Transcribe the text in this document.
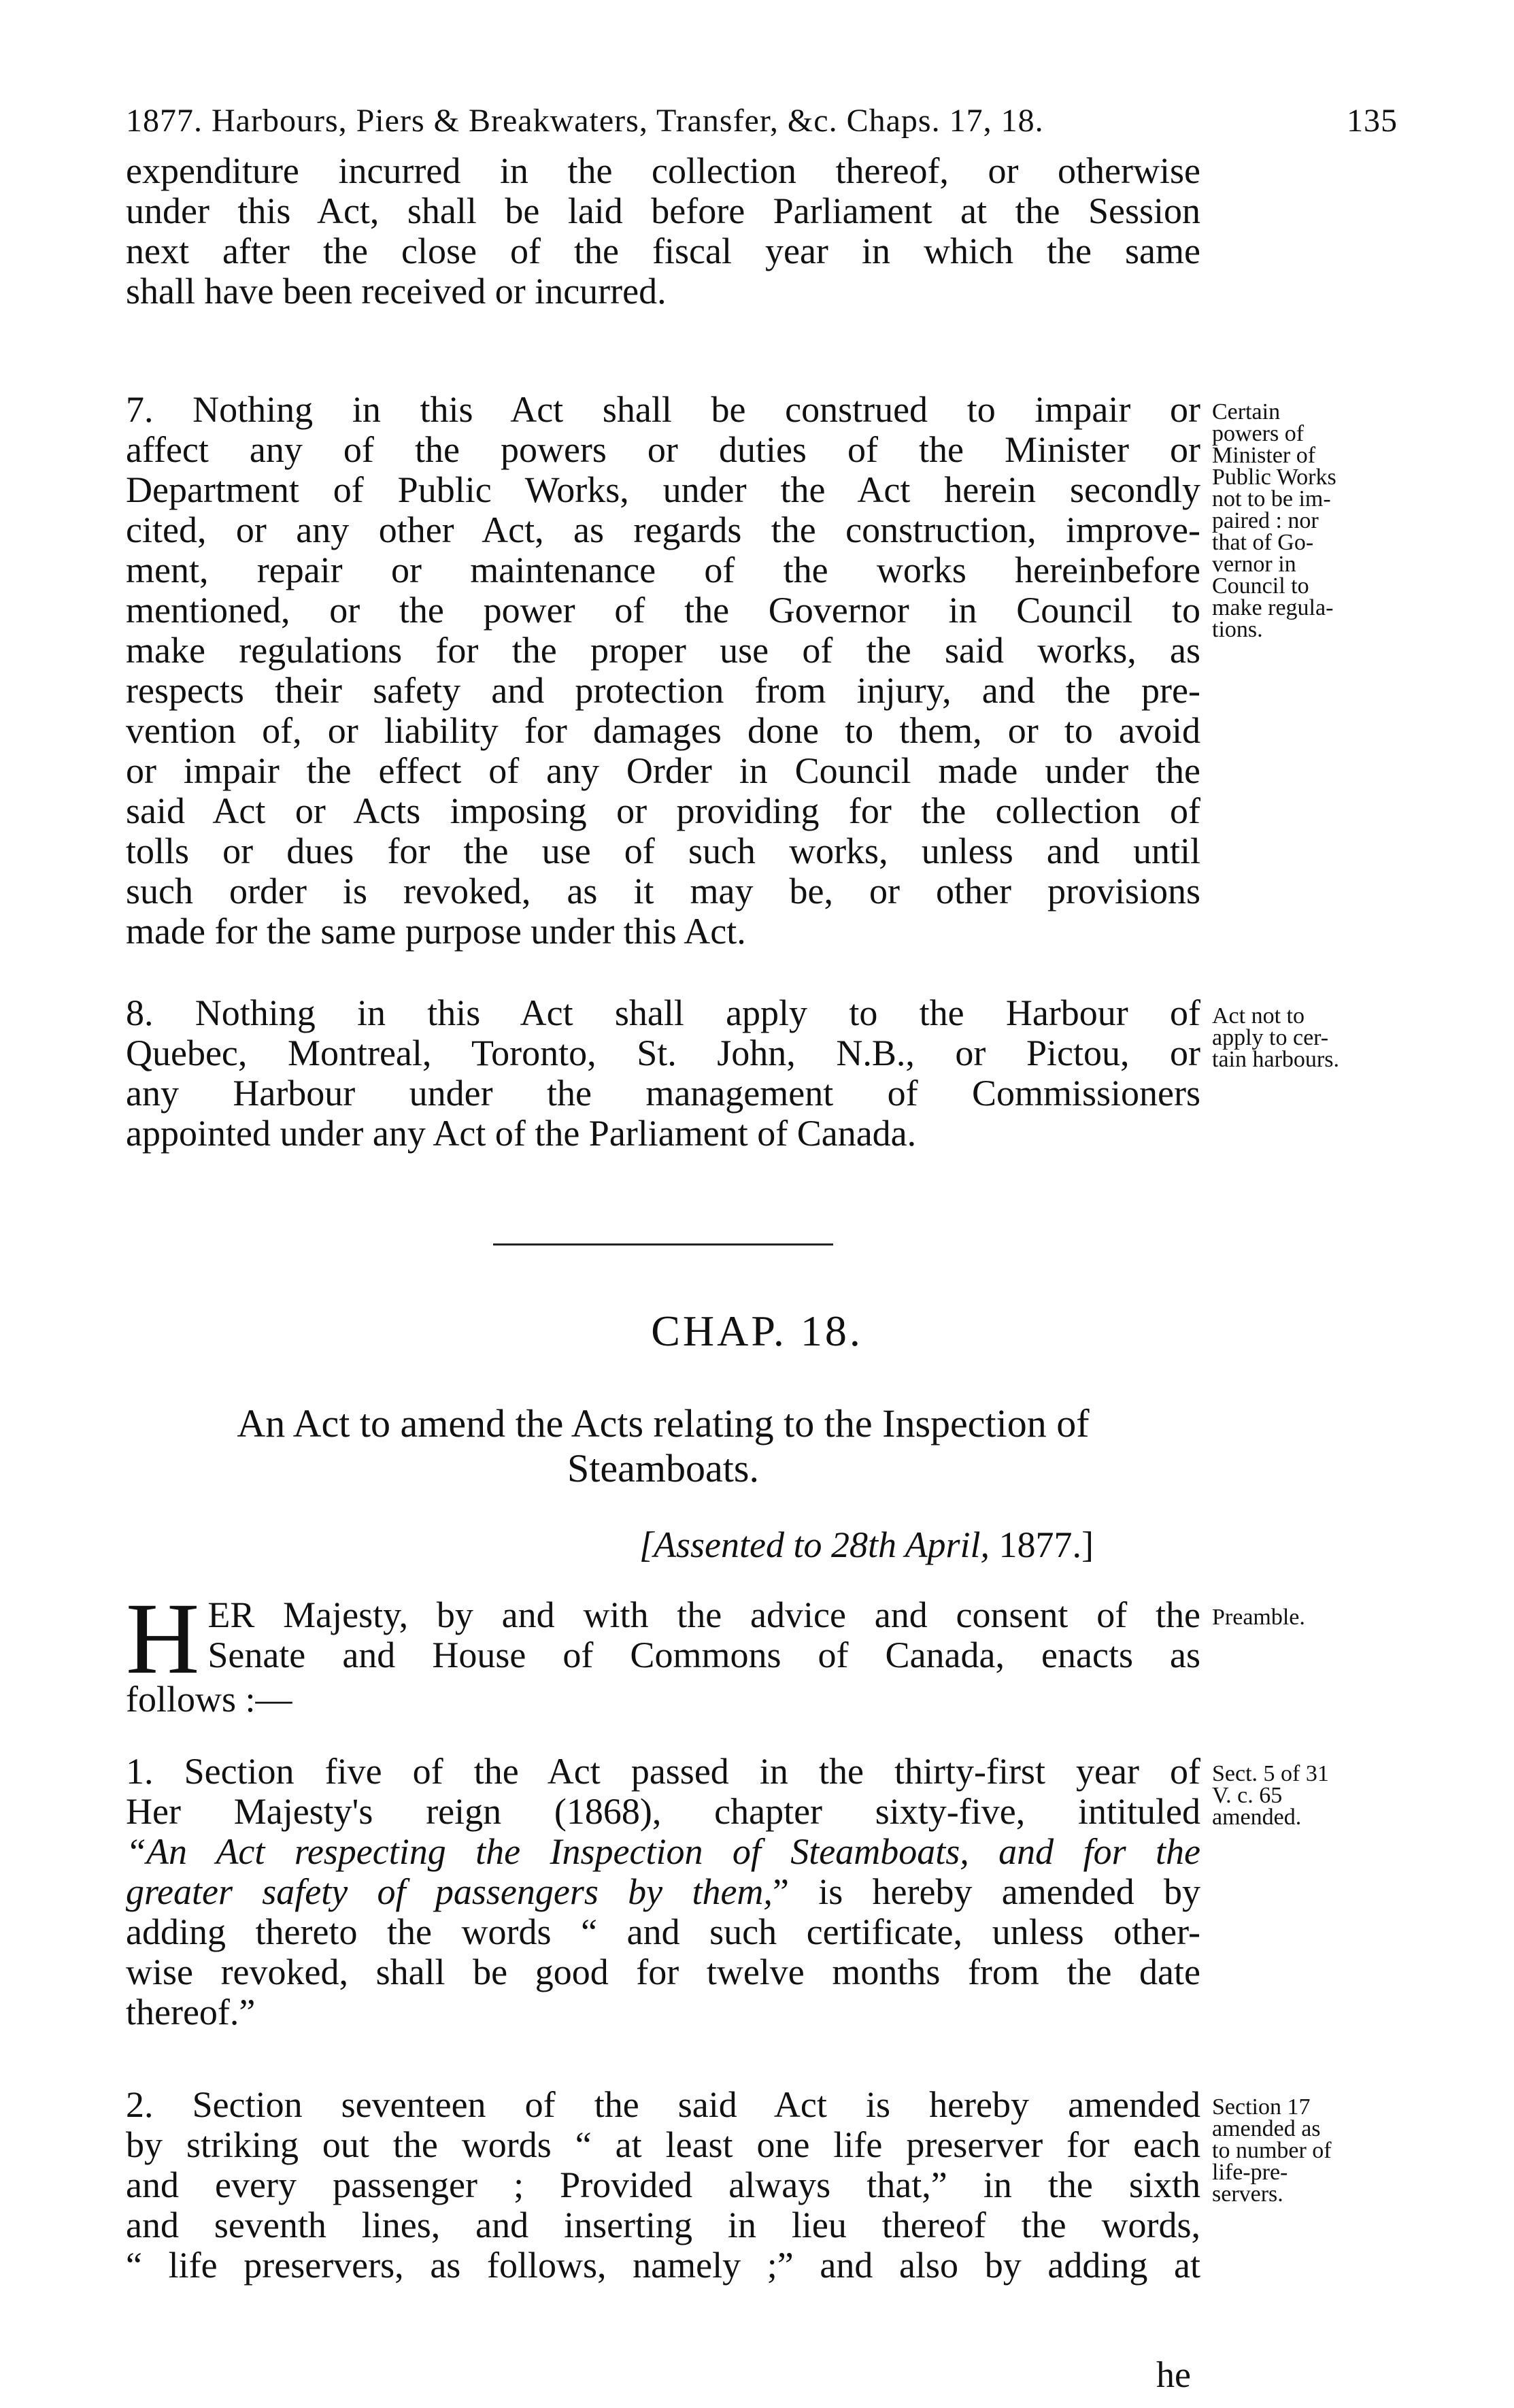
1877. Harbours, Piers & Breakwaters, Transfer, &c. Chaps. 17, 18.	135
expenditure incurred in the collection thereof, or otherwise
under this Act, shall be laid before Parliament at the Session
next after the close of the fiscal year in which the same
shall have been received or incurred.
7. Nothing in this Act shall be construed to impair or
affect any of the powers or duties of the Minister or
Department of Public Works, under the Act herein secondly
cited, or any other Act, as regards the construction, improve-
ment, repair or maintenance of the works hereinbefore
mentioned, or the power of the Governor in Council to
make regulations for the proper use of the said works, as
respects their safety and protection from injury, and the pre-
vention of, or liability for damages done to them, or to avoid
or impair the effect of any Order in Council made under the
said Act or Acts imposing or providing for the collection of
tolls or dues for the use of such works, unless and until
such order is revoked, as it may be, or other provisions
made for the same purpose under this Act.
Certain
powers of
Minister of
Public Works
not to be im-
paired : nor
that of Go-
vernor in
Council to
make regula-
tions.
8. Nothing in this Act shall apply to the Harbour of
Quebec, Montreal, Toronto, St. John, N.B., or Pictou, or
any Harbour under the management of Commissioners
appointed under any Act of the Parliament of Canada.
Act not to
apply to cer-
tain harbours.
CHAP. 18.
An Act to amend the Acts relating to the Inspection of
Steamboats.
[Assented to 28th April, 1877.]
H ER Majesty, by and with the advice and consent of the
Senate and House of Commons of Canada, enacts as
follows :—
Preamble.
1. Section five of the Act passed in the thirty-first year of
Her Majesty's reign (1868), chapter sixty-five, intituled
“An Act respecting the Inspection of Steamboats, and for the
greater safety of passengers by them,” is hereby amended by
adding thereto the words “ and such certificate, unless other-
wise revoked, shall be good for twelve months from the date
thereof.”
Sect. 5 of 31
V. c. 65
amended.
2. Section seventeen of the said Act is hereby amended
by striking out the words “ at least one life preserver for each
and every passenger ; Provided always that,” in the sixth
and seventh lines, and inserting in lieu thereof the words,
“ life preservers, as follows, namely ;” and also by adding at
Section 17
amended as
to number of
life-pre-
servers.
he
